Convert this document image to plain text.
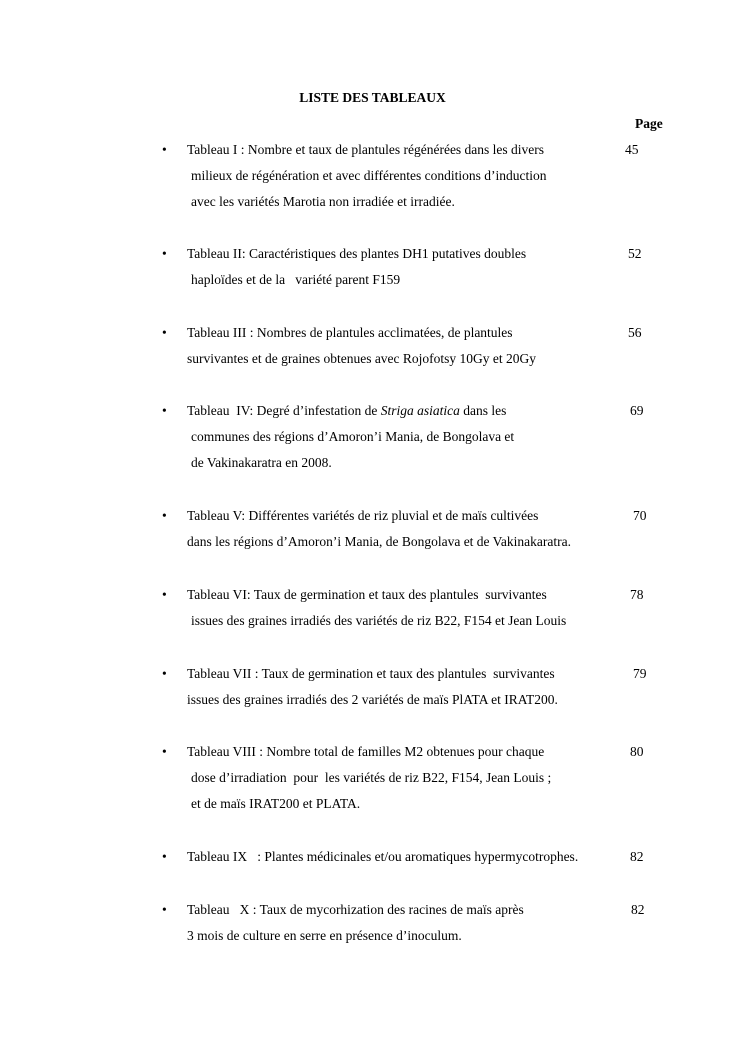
LISTE DES TABLEAUX
Page
• Tableau I : Nombre et taux de plantules régénérées dans les divers
milieux de régénération et avec différentes conditions d’induction
avec les variétés Marotia non irradiée et irradiée.
45
• Tableau II: Caractéristiques des plantes DH1 putatives doubles
haploïdes et de la   variété parent F159
52
• Tableau III : Nombres de plantules acclimatées, de plantules
survivantes et de graines obtenues avec Rojofotsy 10Gy et 20Gy
56
• Tableau  IV: Degré d’infestation de Striga asiatica dans les
communes des régions d’Amoron’i Mania, de Bongolava et
de Vakinakaratra en 2008.
69
• Tableau V: Différentes variétés de riz pluvial et de maïs cultivées
dans les régions d’Amoron’i Mania, de Bongolava et de Vakinakaratra.
70
• Tableau VI: Taux de germination et taux des plantules  survivantes
issues des graines irradiés des variétés de riz B22, F154 et Jean Louis
78
• Tableau VII : Taux de germination et taux des plantules  survivantes
issues des graines irradiés des 2 variétés de maïs PlATA et IRAT200.
79
• Tableau VIII : Nombre total de familles M2 obtenues pour chaque
dose d’irradiation  pour  les variétés de riz B22, F154, Jean Louis ;
et de maïs IRAT200 et PLATA.
80
• Tableau IX   : Plantes médicinales et/ou aromatiques hypermycotrophes.	82
• Tableau   X : Taux de mycorhization des racines de maïs après
3 mois de culture en serre en présence d’inoculum.
82
